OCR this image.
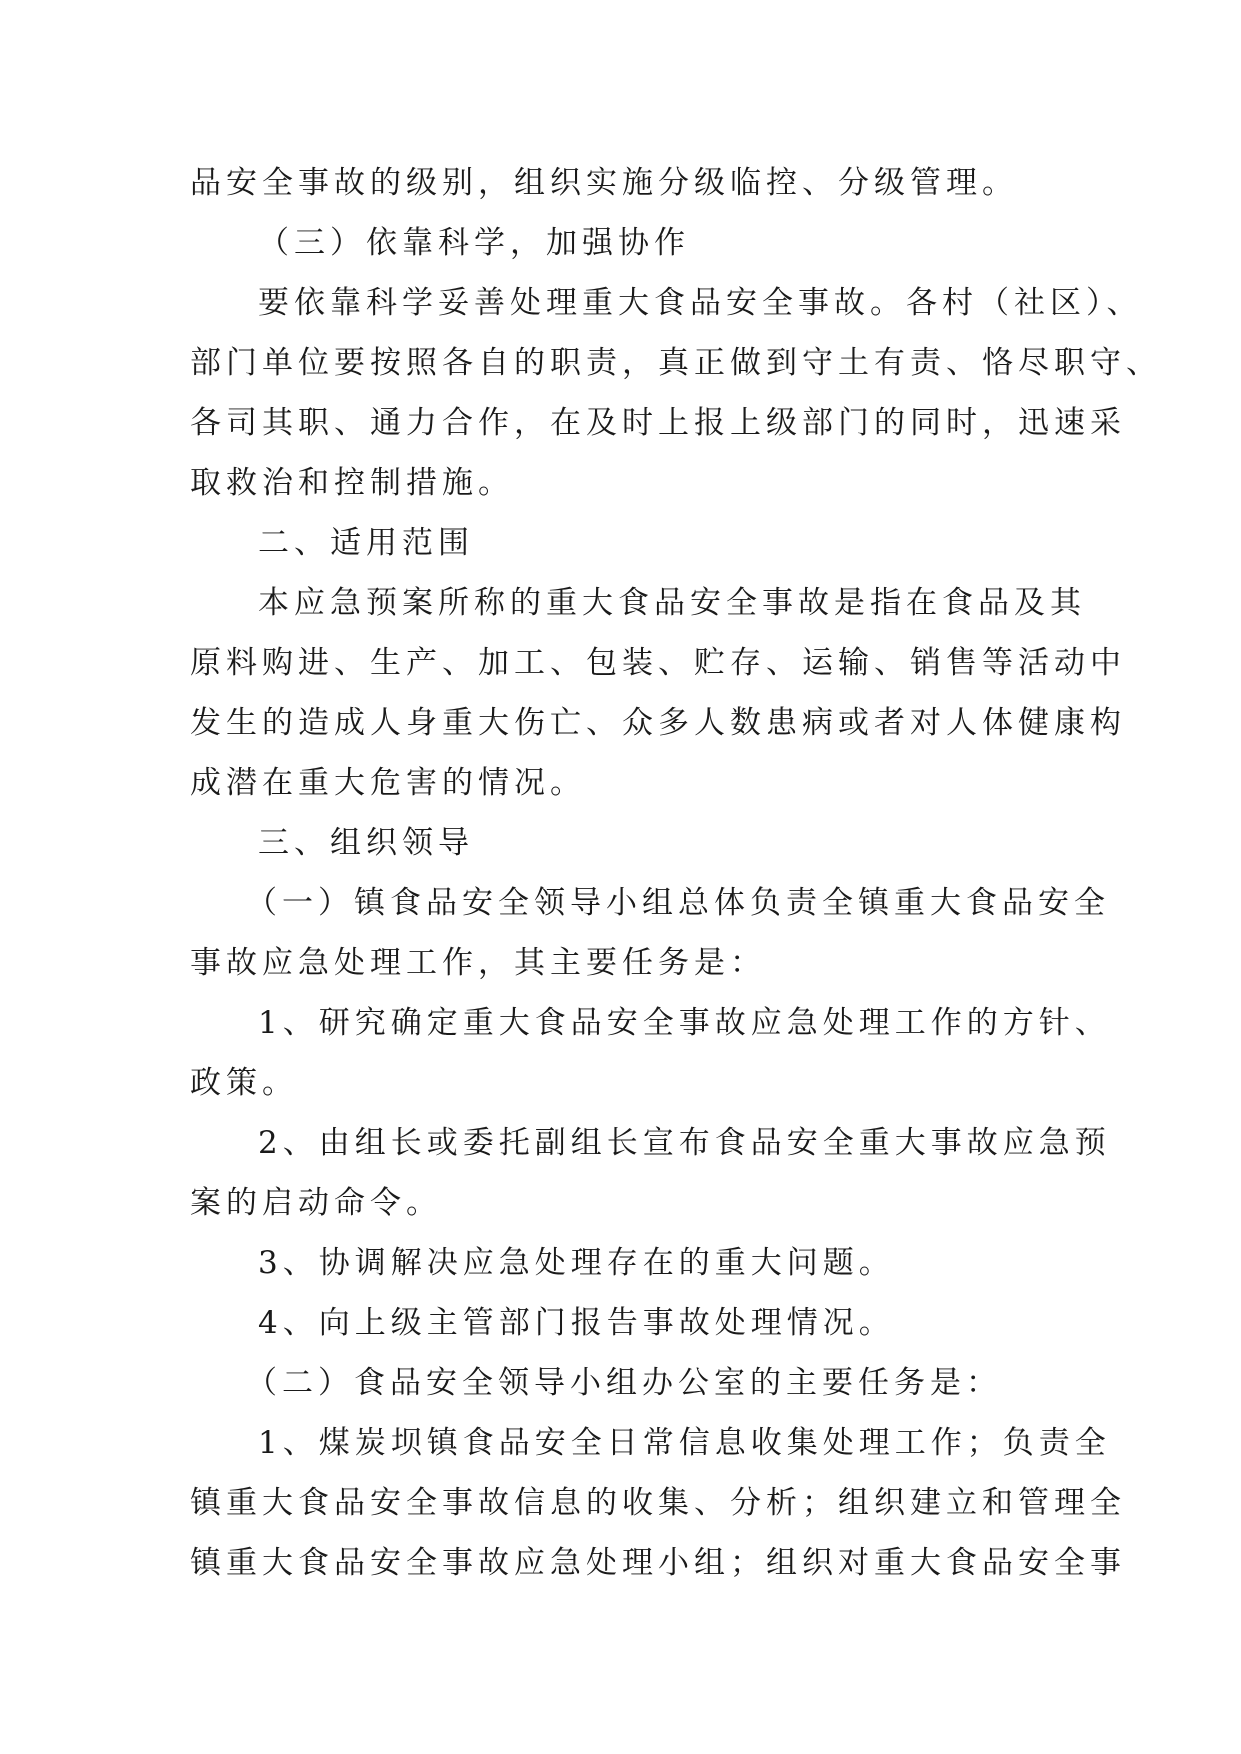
品安全事故的级别，组织实施分级临控、分级管理。
（三）依靠科学，加强协作
要依靠科学妥善处理重大食品安全事故。各村（社区）、
部门单位要按照各自的职责，真正做到守土有责、恪尽职守、
各司其职、通力合作，在及时上报上级部门的同时，迅速采
取救治和控制措施。
二、适用范围
本应急预案所称的重大食品安全事故是指在食品及其
原料购进、生产、加工、包装、贮存、运输、销售等活动中
发生的造成人身重大伤亡、众多人数患病或者对人体健康构
成潜在重大危害的情况。
三、组织领导
（一）镇食品安全领导小组总体负责全镇重大食品安全
事故应急处理工作，其主要任务是：
1、研究确定重大食品安全事故应急处理工作的方针、
政策。
2、由组长或委托副组长宣布食品安全重大事故应急预
案的启动命令。
3、协调解决应急处理存在的重大问题。
4、向上级主管部门报告事故处理情况。
（二）食品安全领导小组办公室的主要任务是：
1、煤炭坝镇食品安全日常信息收集处理工作；负责全
镇重大食品安全事故信息的收集、分析；组织建立和管理全
镇重大食品安全事故应急处理小组；组织对重大食品安全事
